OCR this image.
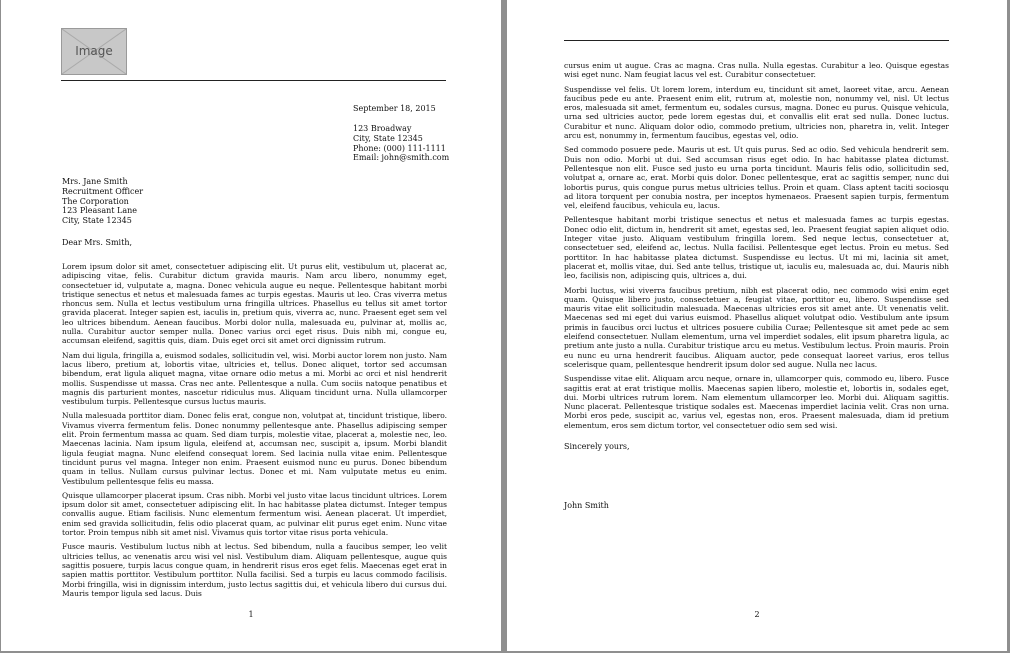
Image
September 18, 2015
123 Broadway
City, State 12345
Phone: (000) 111-1111
Email: john@smith.com
Mrs. Jane Smith
Recruitment Officer
The Corporation
123 Pleasant Lane
City, State 12345
Dear Mrs. Smith,

Lorem ipsum dolor sit amet, consectetuer adipiscing elit. Ut purus elit, vestibulum ut, placerat ac, adipiscing vitae, felis. Curabitur dictum gravida mauris. Nam arcu libero, nonummy eget, consectetuer id, vulputate a, magna. Donec vehicula augue eu neque. Pellentesque habitant morbi tristique senectus et netus et malesuada fames ac turpis egestas. Mauris ut leo. Cras viverra metus rhoncus sem. Nulla et lectus vestibulum urna fringilla ultrices. Phasellus eu tellus sit amet tortor gravida placerat. Integer sapien est, iaculis in, pretium quis, viverra ac, nunc. Praesent eget sem vel leo ultrices bibendum. Aenean faucibus. Morbi dolor nulla, malesuada eu, pulvinar at, mollis ac, nulla. Curabitur auctor semper nulla. Donec varius orci eget risus. Duis nibh mi, congue eu, accumsan eleifend, sagittis quis, diam. Duis eget orci sit amet orci dignissim rutrum.

Nam dui ligula, fringilla a, euismod sodales, sollicitudin vel, wisi. Morbi auctor lorem non justo. Nam lacus libero, pretium at, lobortis vitae, ultricies et, tellus. Donec aliquet, tortor sed accumsan bibendum, erat ligula aliquet magna, vitae ornare odio metus a mi. Morbi ac orci et nisl hendrerit mollis. Suspendisse ut massa. Cras nec ante. Pellentesque a nulla. Cum sociis natoque penatibus et magnis dis parturient montes, nascetur ridiculus mus. Aliquam tincidunt urna. Nulla ullamcorper vestibulum turpis. Pellentesque cursus luctus mauris.

Nulla malesuada porttitor diam. Donec felis erat, congue non, volutpat at, tincidunt tristique, libero. Vivamus viverra fermentum felis. Donec nonummy pellentesque ante. Phasellus adipiscing semper elit. Proin fermentum massa ac quam. Sed diam turpis, molestie vitae, placerat a, molestie nec, leo. Maecenas lacinia. Nam ipsum ligula, eleifend at, accumsan nec, suscipit a, ipsum. Morbi blandit ligula feugiat magna. Nunc eleifend consequat lorem. Sed lacinia nulla vitae enim. Pellentesque tincidunt purus vel magna. Integer non enim. Praesent euismod nunc eu purus. Donec bibendum quam in tellus. Nullam cursus pulvinar lectus. Donec et mi. Nam vulputate metus eu enim. Vestibulum pellentesque felis eu massa.

Quisque ullamcorper placerat ipsum. Cras nibh. Morbi vel justo vitae lacus tincidunt ultrices. Lorem ipsum dolor sit amet, consectetuer adipiscing elit. In hac habitasse platea dictumst. Integer tempus convallis augue. Etiam facilisis. Nunc elementum fermentum wisi. Aenean placerat. Ut imperdiet, enim sed gravida sollicitudin, felis odio placerat quam, ac pulvinar elit purus eget enim. Nunc vitae tortor. Proin tempus nibh sit amet nisl. Vivamus quis tortor vitae risus porta vehicula.

Fusce mauris. Vestibulum luctus nibh at lectus. Sed bibendum, nulla a faucibus semper, leo velit ultricies tellus, ac venenatis arcu wisi vel nisl. Vestibulum diam. Aliquam pellentesque, augue quis sagittis posuere, turpis lacus congue quam, in hendrerit risus eros eget felis. Maecenas eget erat in sapien mattis porttitor. Vestibulum porttitor. Nulla facilisi. Sed a turpis eu lacus commodo facilisis. Morbi fringilla, wisi in dignissim interdum, justo lectus sagittis dui, et vehicula libero dui cursus dui. Mauris tempor ligula sed lacus. Duis

1

cursus enim ut augue. Cras ac magna. Cras nulla. Nulla egestas. Curabitur a leo. Quisque egestas wisi eget nunc. Nam feugiat lacus vel est. Curabitur consectetuer.

Suspendisse vel felis. Ut lorem lorem, interdum eu, tincidunt sit amet, laoreet vitae, arcu. Aenean faucibus pede eu ante. Praesent enim elit, rutrum at, molestie non, nonummy vel, nisl. Ut lectus eros, malesuada sit amet, fermentum eu, sodales cursus, magna. Donec eu purus. Quisque vehicula, urna sed ultricies auctor, pede lorem egestas dui, et convallis elit erat sed nulla. Donec luctus. Curabitur et nunc. Aliquam dolor odio, commodo pretium, ultricies non, pharetra in, velit. Integer arcu est, nonummy in, fermentum faucibus, egestas vel, odio.

Sed commodo posuere pede. Mauris ut est. Ut quis purus. Sed ac odio. Sed vehicula hendrerit sem. Duis non odio. Morbi ut dui. Sed accumsan risus eget odio. In hac habitasse platea dictumst. Pellentesque non elit. Fusce sed justo eu urna porta tincidunt. Mauris felis odio, sollicitudin sed, volutpat a, ornare ac, erat. Morbi quis dolor. Donec pellentesque, erat ac sagittis semper, nunc dui lobortis purus, quis congue purus metus ultricies tellus. Proin et quam. Class aptent taciti sociosqu ad litora torquent per conubia nostra, per inceptos hymenaeos. Praesent sapien turpis, fermentum vel, eleifend faucibus, vehicula eu, lacus.

Pellentesque habitant morbi tristique senectus et netus et malesuada fames ac turpis egestas. Donec odio elit, dictum in, hendrerit sit amet, egestas sed, leo. Praesent feugiat sapien aliquet odio. Integer vitae justo. Aliquam vestibulum fringilla lorem. Sed neque lectus, consectetuer at, consectetuer sed, eleifend ac, lectus. Nulla facilisi. Pellentesque eget lectus. Proin eu metus. Sed porttitor. In hac habitasse platea dictumst. Suspendisse eu lectus. Ut mi mi, lacinia sit amet, placerat et, mollis vitae, dui. Sed ante tellus, tristique ut, iaculis eu, malesuada ac, dui. Mauris nibh leo, facilisis non, adipiscing quis, ultrices a, dui.

Morbi luctus, wisi viverra faucibus pretium, nibh est placerat odio, nec commodo wisi enim eget quam. Quisque libero justo, consectetuer a, feugiat vitae, porttitor eu, libero. Suspendisse sed mauris vitae elit sollicitudin malesuada. Maecenas ultricies eros sit amet ante. Ut venenatis velit. Maecenas sed mi eget dui varius euismod. Phasellus aliquet volutpat odio. Vestibulum ante ipsum primis in faucibus orci luctus et ultrices posuere cubilia Curae; Pellentesque sit amet pede ac sem eleifend consectetuer. Nullam elementum, urna vel imperdiet sodales, elit ipsum pharetra ligula, ac pretium ante justo a nulla. Curabitur tristique arcu eu metus. Vestibulum lectus. Proin mauris. Proin eu nunc eu urna hendrerit faucibus. Aliquam auctor, pede consequat laoreet varius, eros tellus scelerisque quam, pellentesque hendrerit ipsum dolor sed augue. Nulla nec lacus.

Suspendisse vitae elit. Aliquam arcu neque, ornare in, ullamcorper quis, commodo eu, libero. Fusce sagittis erat at erat tristique mollis. Maecenas sapien libero, molestie et, lobortis in, sodales eget, dui. Morbi ultrices rutrum lorem. Nam elementum ullamcorper leo. Morbi dui. Aliquam sagittis. Nunc placerat. Pellentesque tristique sodales est. Maecenas imperdiet lacinia velit. Cras non urna. Morbi eros pede, suscipit ac, varius vel, egestas non, eros. Praesent malesuada, diam id pretium elementum, eros sem dictum tortor, vel consectetuer odio sem sed wisi.

Sincerely yours,
John Smith
2
